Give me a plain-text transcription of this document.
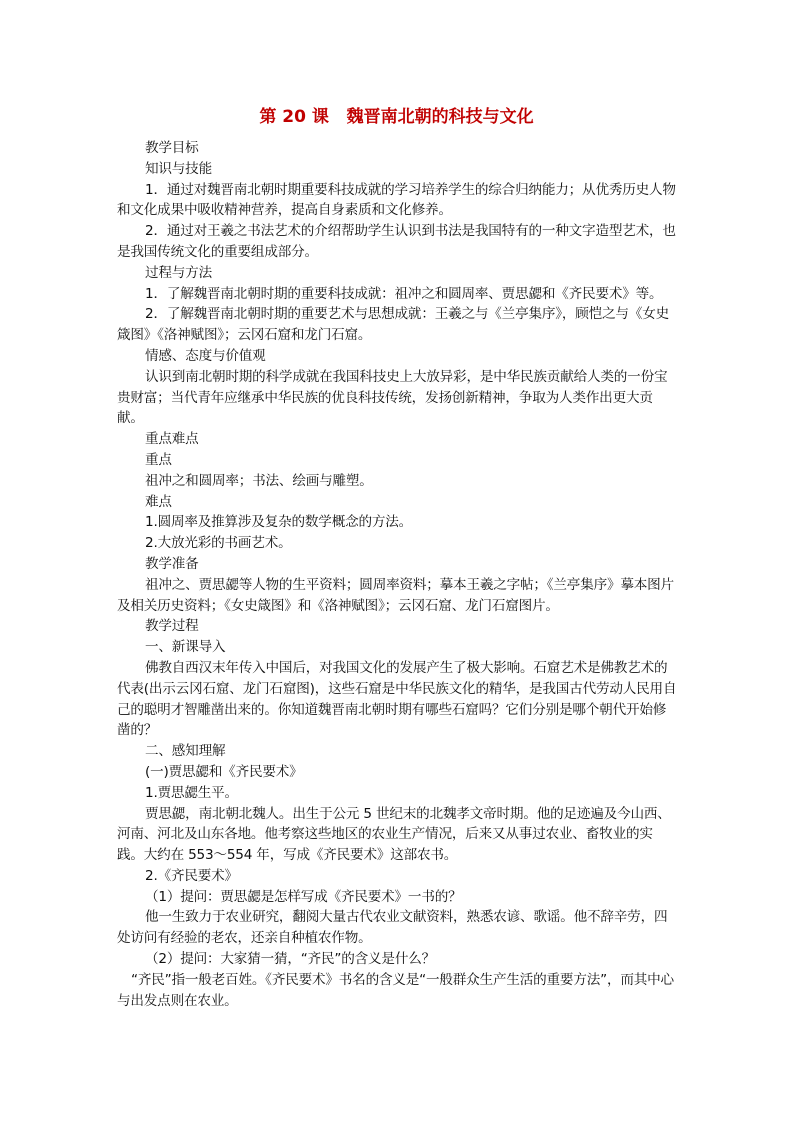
第 20 课   魏晋南北朝的科技与文化

教学目标

知识与技能

1．通过对魏晋南北朝时期重要科技成就的学习培养学生的综合归纳能力；从优秀历史人物和文化成果中吸收精神营养，提高自身素质和文化修养。

2．通过对王羲之书法艺术的介绍帮助学生认识到书法是我国特有的一种文字造型艺术，也是我国传统文化的重要组成部分。

过程与方法

1．了解魏晋南北朝时期的重要科技成就：祖冲之和圆周率、贾思勰和《齐民要术》等。

2．了解魏晋南北朝时期的重要艺术与思想成就：王羲之与《兰亭集序》，顾恺之与《女史箴图》《洛神赋图》；云冈石窟和龙门石窟。

情感、态度与价值观

认识到南北朝时期的科学成就在我国科技史上大放异彩，是中华民族贡献给人类的一份宝贵财富；当代青年应继承中华民族的优良科技传统，发扬创新精神，争取为人类作出更大贡献。

重点难点

重点

祖冲之和圆周率；书法、绘画与雕塑。

难点

1.圆周率及推算涉及复杂的数学概念的方法。

2.大放光彩的书画艺术。

教学准备

祖冲之、贾思勰等人物的生平资料；圆周率资料；摹本王羲之字帖；《兰亭集序》摹本图片及相关历史资料；《女史箴图》和《洛神赋图》；云冈石窟、龙门石窟图片。

教学过程

一、新课导入

佛教自西汉末年传入中国后，对我国文化的发展产生了极大影响。石窟艺术是佛教艺术的代表(出示云冈石窟、龙门石窟图)，这些石窟是中华民族文化的精华，是我国古代劳动人民用自己的聪明才智雕凿出来的。你知道魏晋南北朝时期有哪些石窟吗？它们分别是哪个朝代开始修凿的？

二、感知理解

(一)贾思勰和《齐民要术》

1.贾思勰生平。

贾思勰，南北朝北魏人。出生于公元 5 世纪末的北魏孝文帝时期。他的足迹遍及今山西、河南、河北及山东各地。他考察这些地区的农业生产情况，后来又从事过农业、畜牧业的实践。大约在 553～554 年，写成《齐民要术》这部农书。

2.《齐民要术》

（1）提问：贾思勰是怎样写成《齐民要术》一书的？

他一生致力于农业研究，翻阅大量古代农业文献资料，熟悉农谚、歌谣。他不辞辛劳，四处访问有经验的老农，还亲自种植农作物。

（2）提问：大家猜一猜，“齐民”的含义是什么？

“齐民”指一般老百姓。《齐民要术》书名的含义是“一般群众生产生活的重要方法”，而其中心与出发点则在农业。
